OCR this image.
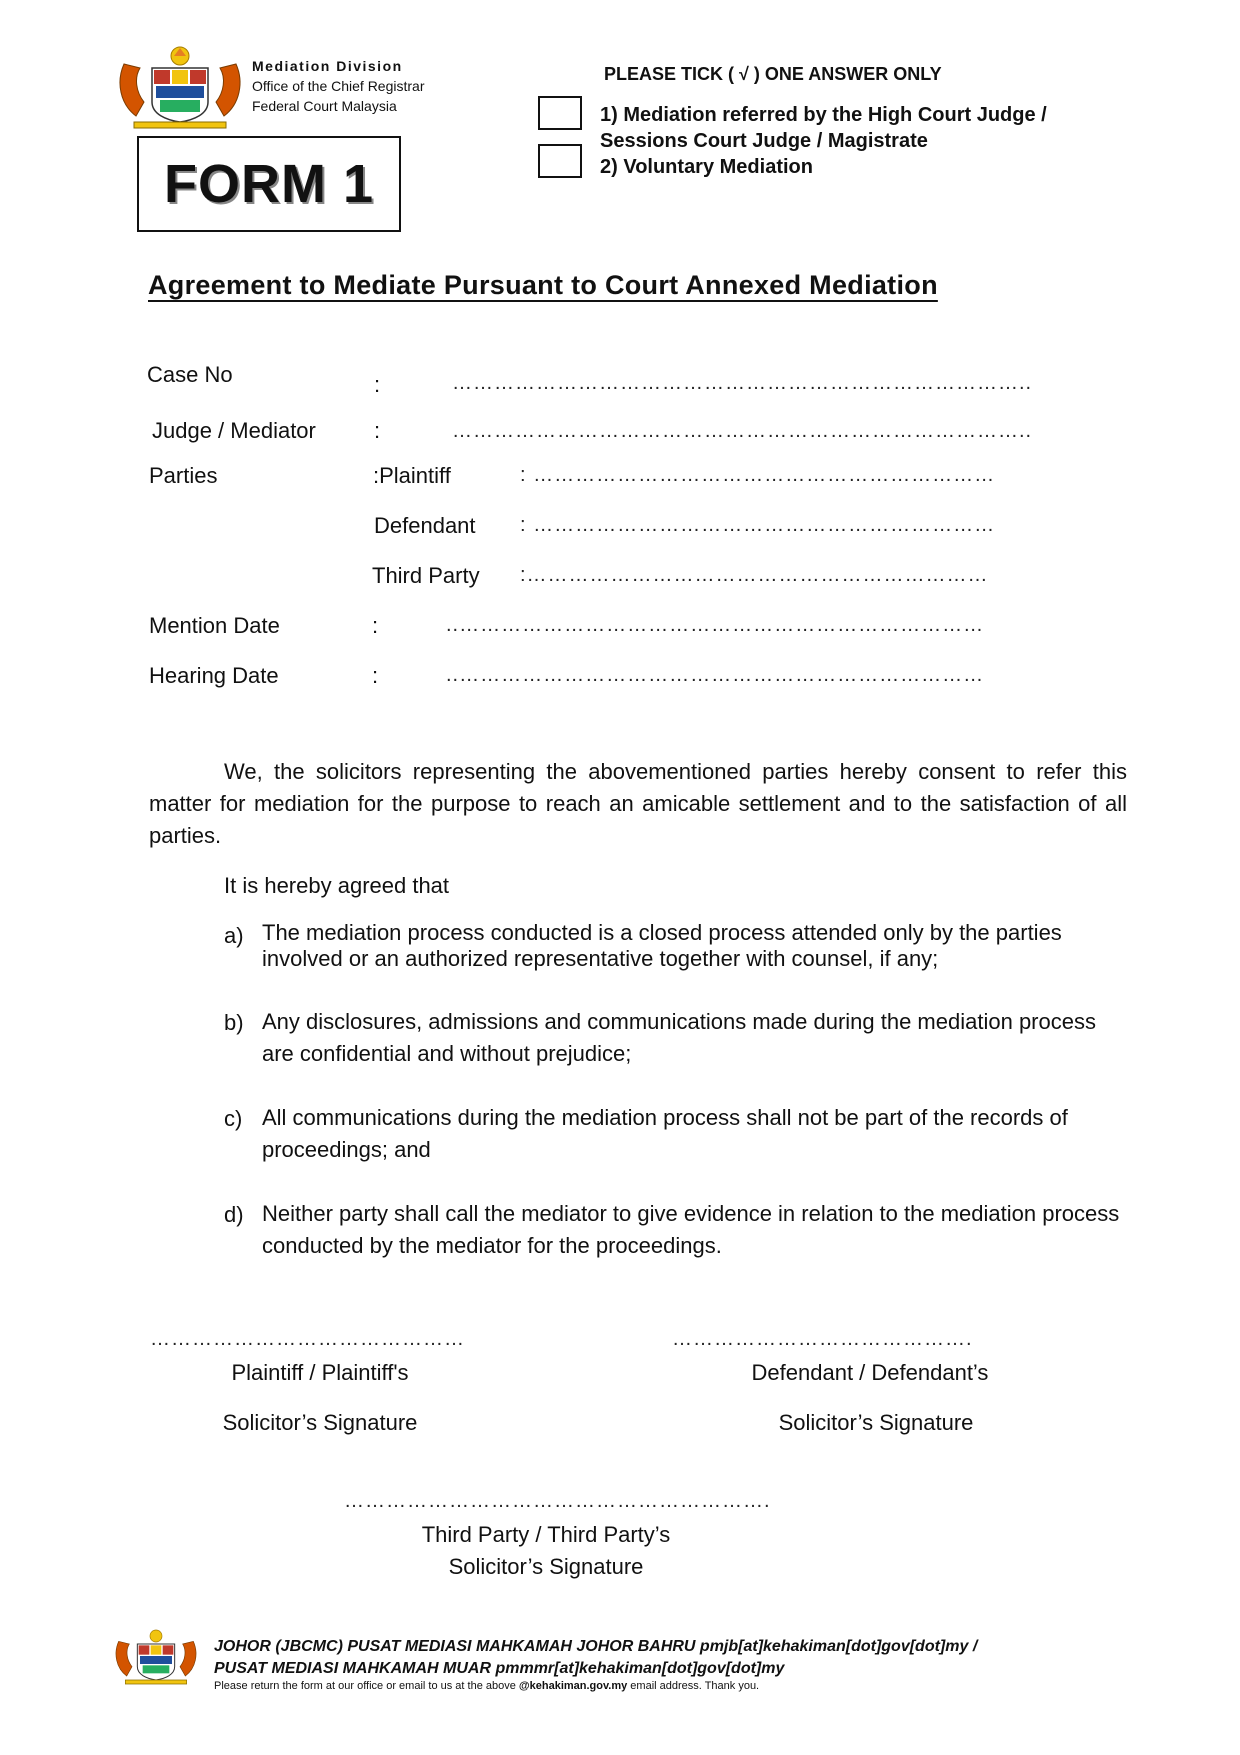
Mediation Division
Office of the Chief Registrar
Federal Court Malaysia
FORM 1
PLEASE TICK ( √ ) ONE ANSWER ONLY
1) Mediation referred by the High Court Judge /
Sessions Court Judge / Magistrate
2) Voluntary Mediation
Agreement to Mediate Pursuant to Court Annexed Mediation
Case No	:	………………………………………………………………………..
Judge / Mediator	:	………………………………………………………………………..
Parties	:Plaintiff	: …………………………………………………………
Defendant : …………………………………………………………
Third Party :…………………………………………………………
Mention Date	:	..…………………………………………………………………
Hearing Date	:	..…………………………………………………………………
We, the solicitors representing the abovementioned parties hereby consent to refer this matter for mediation for the purpose to reach an amicable settlement and to the satisfaction of all parties.
It is hereby agreed that
a) The mediation process conducted is a closed process attended only by the parties involved or an authorized representative together with counsel, if any;
b) Any disclosures, admissions and communications made during the mediation process are confidential and without prejudice;
c) All communications during the mediation process shall not be part of the records of proceedings; and
d) Neither party shall call the mediator to give evidence in relation to the mediation process conducted by the mediator for the proceedings.
………………………………………	…………………………………….
Plaintiff / Plaintiff's	Defendant / Defendant’s
Solicitor’s Signature	Solicitor’s Signature
…………………………………………………….
Third Party / Third Party’s
Solicitor’s Signature
JOHOR (JBCMC) PUSAT MEDIASI MAHKAMAH JOHOR BAHRU pmjb[at]kehakiman[dot]gov[dot]my /
PUSAT MEDIASI MAHKAMAH MUAR pmmmr[at]kehakiman[dot]gov[dot]my
Please return the form at our office or email to us at the above @kehakiman.gov.my email address. Thank you.
